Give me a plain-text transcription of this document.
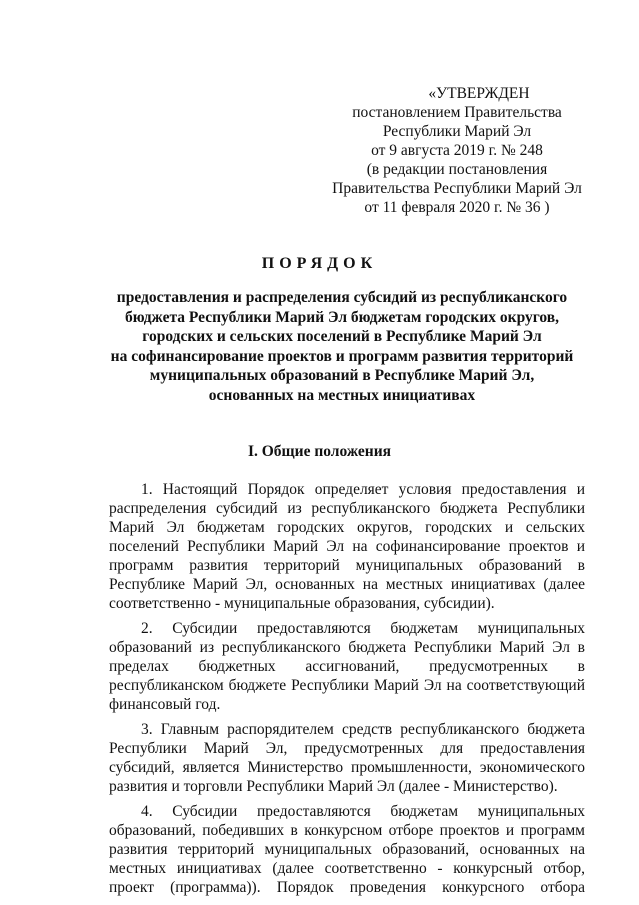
«УТВЕРЖДЕН
постановлением Правительства
Республики Марий Эл
от 9 августа 2019 г. № 248
(в редакции постановления
Правительства Республики Марий Эл
от 11 февраля 2020 г. № 36 )
ПОРЯДОК
предоставления и распределения субсидий из республиканского
бюджета Республики Марий Эл бюджетам городских округов,
городских и сельских поселений в Республике Марий Эл
на софинансирование проектов и программ развития территорий
муниципальных образований в Республике Марий Эл,
основанных на местных инициативах
I. Общие положения

1. Настоящий Порядок определяет условия предоставления и распределения субсидий из республиканского бюджета Республики Марий Эл бюджетам городских округов, городских и сельских поселений Республики Марий Эл на софинансирование проектов и программ развития территорий муниципальных образований в Республике Марий Эл, основанных на местных инициативах (далее соответственно - муниципальные образования, субсидии).

2. Субсидии предоставляются бюджетам муниципальных образований из республиканского бюджета Республики Марий Эл в пределах бюджетных ассигнований, предусмотренных в республиканском бюджете Республики Марий Эл на соответствующий финансовый год.

3. Главным распорядителем средств республиканского бюджета Республики Марий Эл, предусмотренных для предоставления субсидий, является Министерство промышленности, экономического развития и торговли Республики Марий Эл (далее - Министерство).

4. Субсидии предоставляются бюджетам муниципальных образований, победивших в конкурсном отборе проектов и программ развития территорий муниципальных образований, основанных на местных инициативах (далее соответственно - конкурсный отбор, проект (программа)). Порядок проведения конкурсного отбора
